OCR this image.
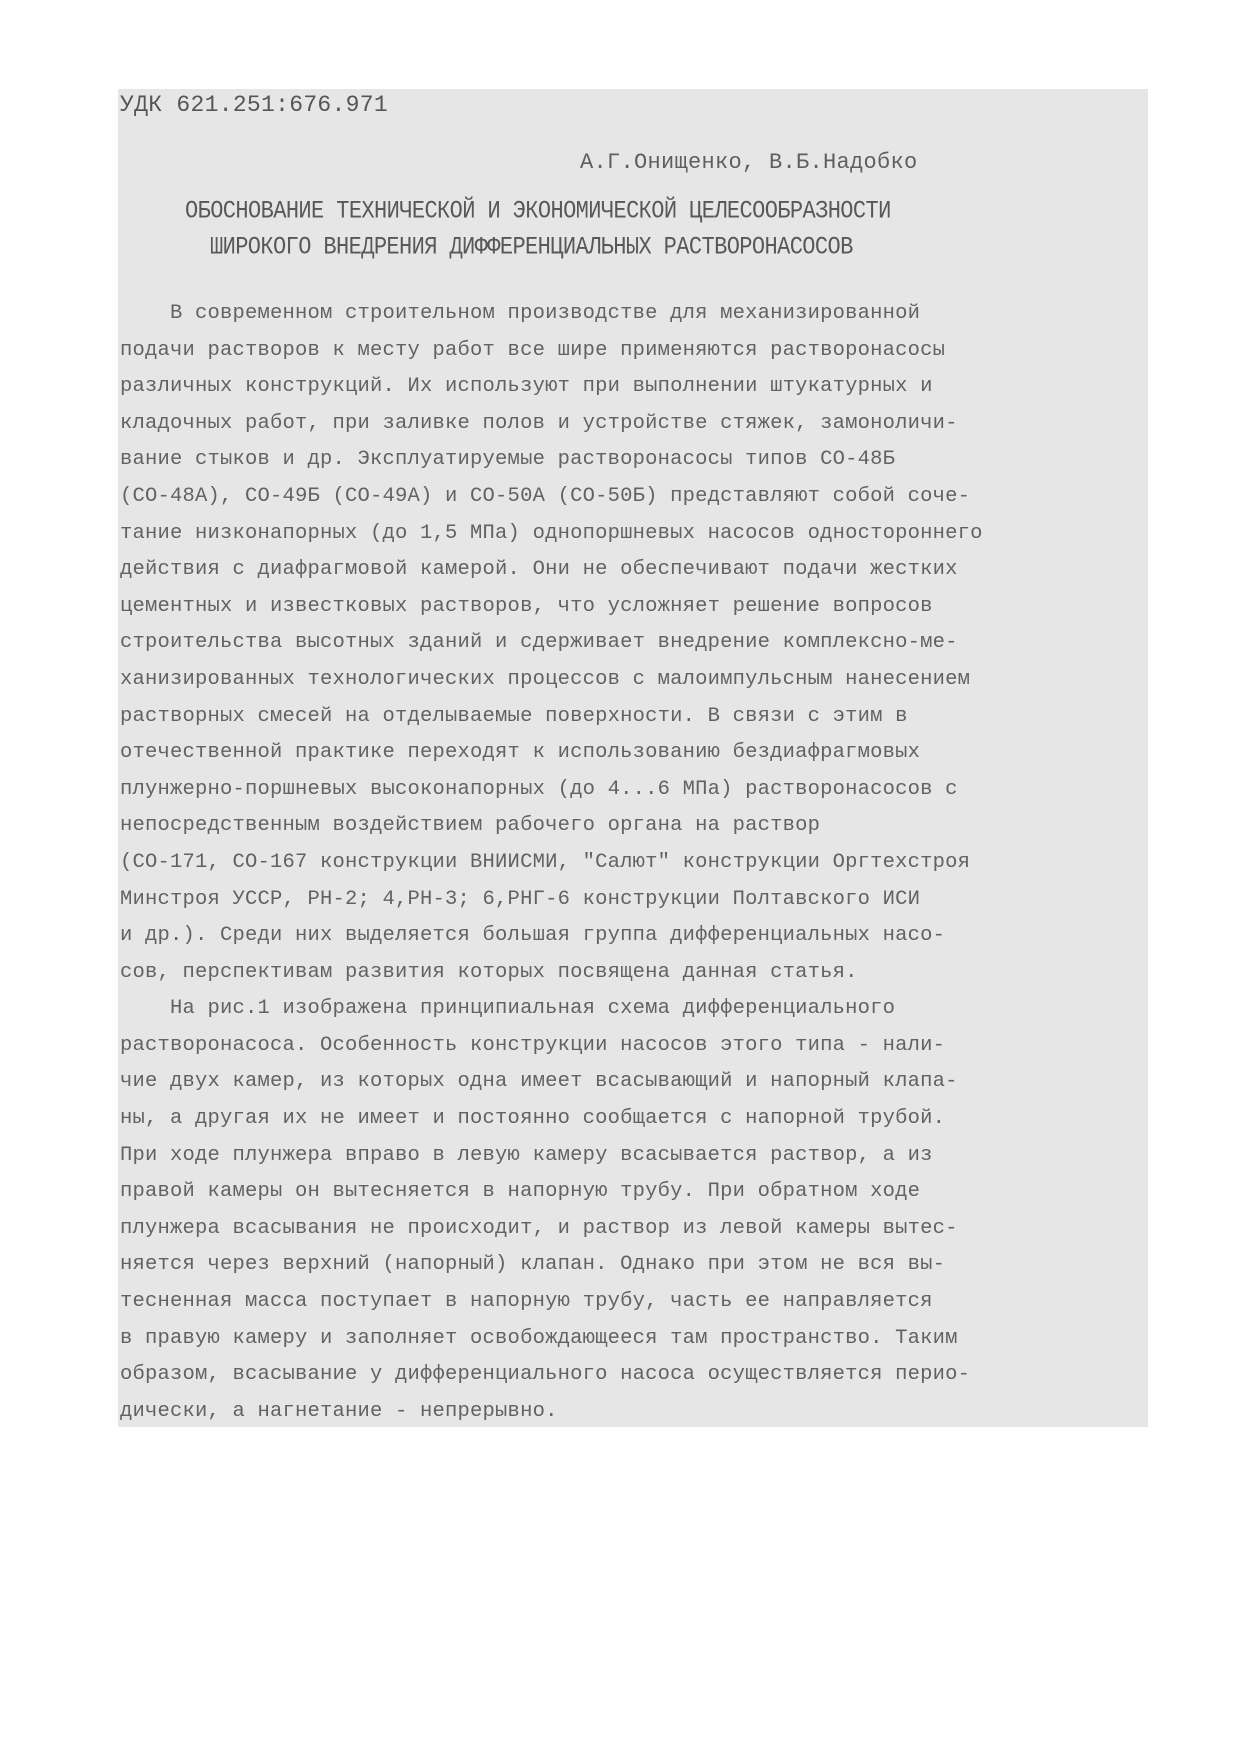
УДК 621.251:676.971
А.Г.Онищенко, В.Б.Надобко
ОБОСНОВАНИЕ ТЕХНИЧЕСКОЙ И ЭКОНОМИЧЕСКОЙ ЦЕЛЕСООБРАЗНОСТИ
ШИРОКОГО ВНЕДРЕНИЯ ДИФФЕРЕНЦИАЛЬНЫХ РАСТВОРОНАСОСОВ
В современном строительном производстве для механизированной
подачи растворов к месту работ все шире применяются растворонасосы
различных конструкций. Их используют при выполнении штукатурных и
кладочных работ, при заливке полов и устройстве стяжек, замоноличи-
вание стыков и др. Эксплуатируемые растворонасосы типов СО-48Б
(СО-48А), СО-49Б (СО-49А) и СО-50А (СО-50Б) представляют собой соче-
тание низконапорных (до 1,5 МПа) однопоршневых насосов одностороннего
действия с диафрагмовой камерой. Они не обеспечивают подачи жестких
цементных и известковых растворов, что усложняет решение вопросов
строительства высотных зданий и сдерживает внедрение комплексно-ме-
ханизированных технологических процессов с малоимпульсным нанесением
растворных смесей на отделываемые поверхности. В связи с этим в
отечественной практике переходят к использованию бездиафрагмовых
плунжерно-поршневых высоконапорных (до 4...6 МПа) растворонасосов с
непосредственным воздействием рабочего органа на раствор
(СО-171, СО-167 конструкции ВНИИСМИ, "Салют" конструкции Оргтехстроя
Минстроя УССР, РН-2; 4,РН-3; 6,РНГ-6 конструкции Полтавского ИСИ
и др.). Среди них выделяется большая группа дифференциальных насо-
сов, перспективам развития которых посвящена данная статья.
На рис.1 изображена принципиальная схема дифференциального
растворонасоса. Особенность конструкции насосов этого типа - нали-
чие двух камер, из которых одна имеет всасывающий и напорный клапа-
ны, а другая их не имеет и постоянно сообщается с напорной трубой.
При ходе плунжера вправо в левую камеру всасывается раствор, а из
правой камеры он вытесняется в напорную трубу. При обратном ходе
плунжера всасывания не происходит, и раствор из левой камеры вытес-
няется через верхний (напорный) клапан. Однако при этом не вся вы-
тесненная масса поступает в напорную трубу, часть ее направляется
в правую камеру и заполняет освобождающееся там пространство. Таким
образом, всасывание у дифференциального насоса осуществляется перио-
дически, а нагнетание - непрерывно.
